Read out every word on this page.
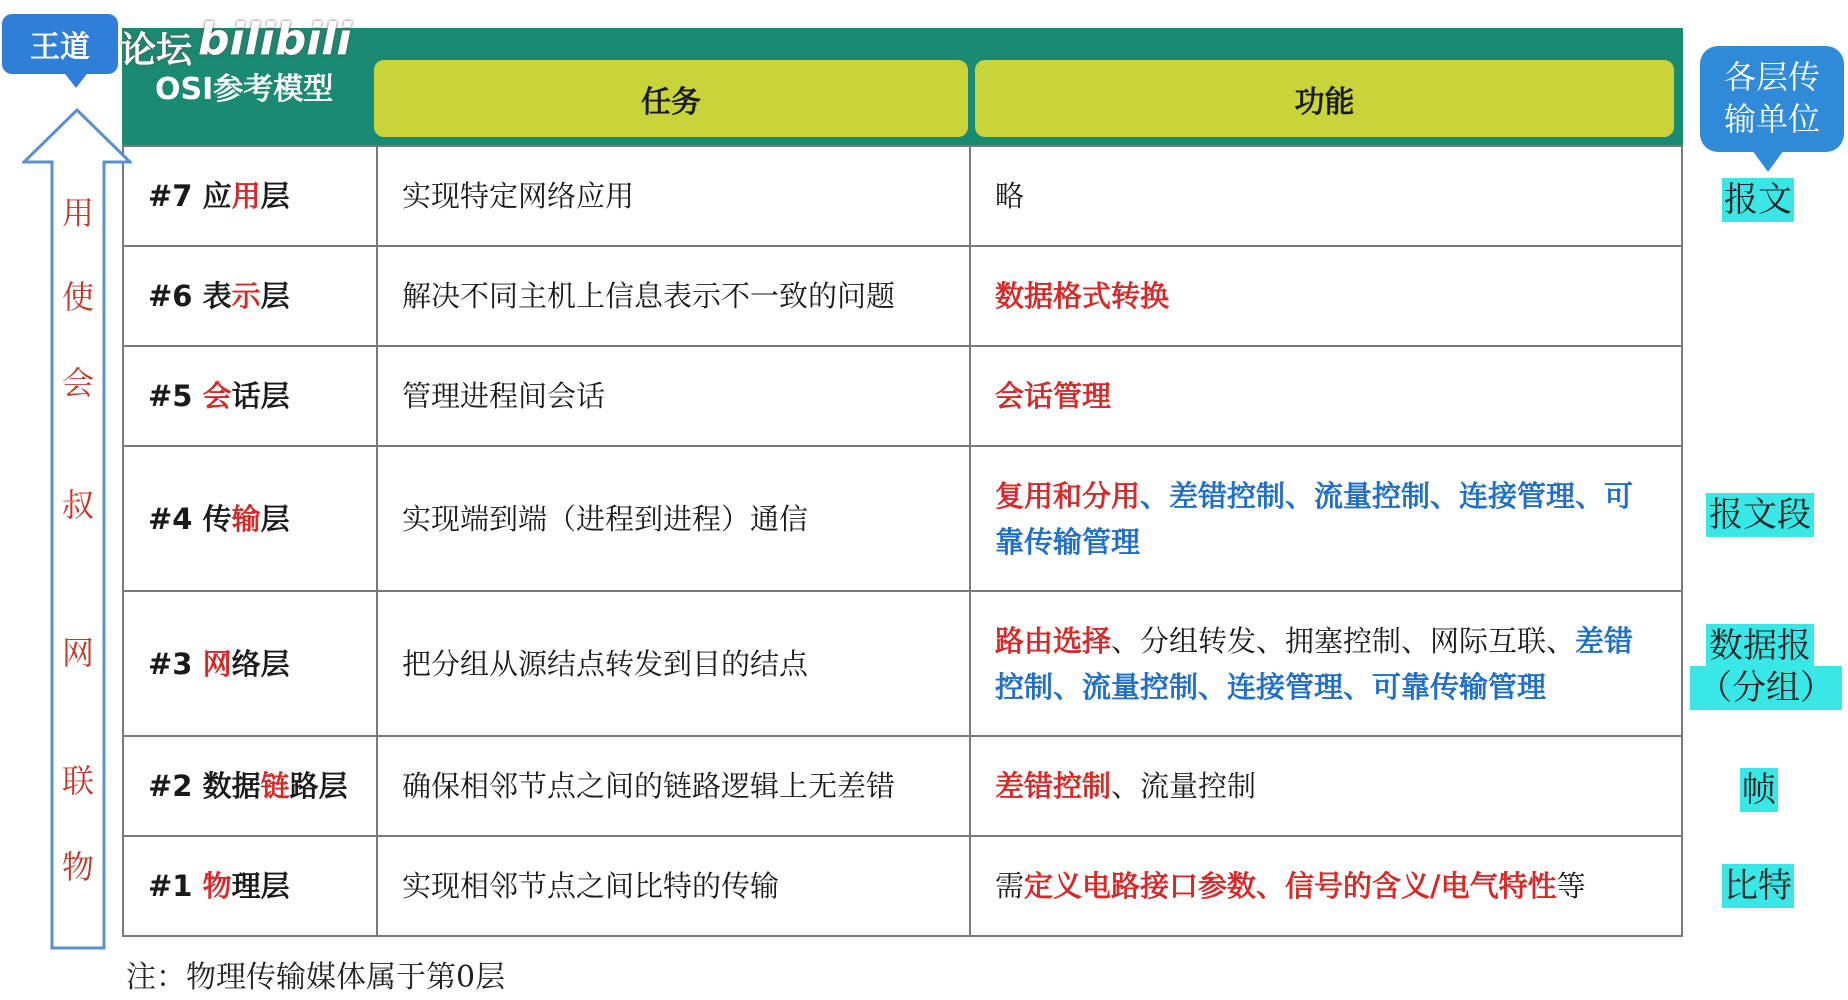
OSI参考模型	任务	功能
王道 论坛 bilibili
#7 应用层	实现特定网络应用	略
#6 表示层	解决不同主机上信息表示不一致的问题	数据格式转换
#5 会话层	管理进程间会话	会话管理
#4 传输层	实现端到端（进程到进程）通信	复用和分用、差错控制、流量控制、连接管理、可靠传输管理
#3 网络层	把分组从源结点转发到目的结点	路由选择、分组转发、拥塞控制、网际互联、差错控制、流量控制、连接管理、可靠传输管理
#2 数据链路层	确保相邻节点之间的链路逻辑上无差错	差错控制、流量控制
#1 物理层	实现相邻节点之间比特的传输	需定义电路接口参数、信号的含义/电气特性等
用
使
会
叔
网
联
物
各层传
输单位
报文
报文段
数据报
（分组）
帧
比特
注：物理传输媒体属于第0层
